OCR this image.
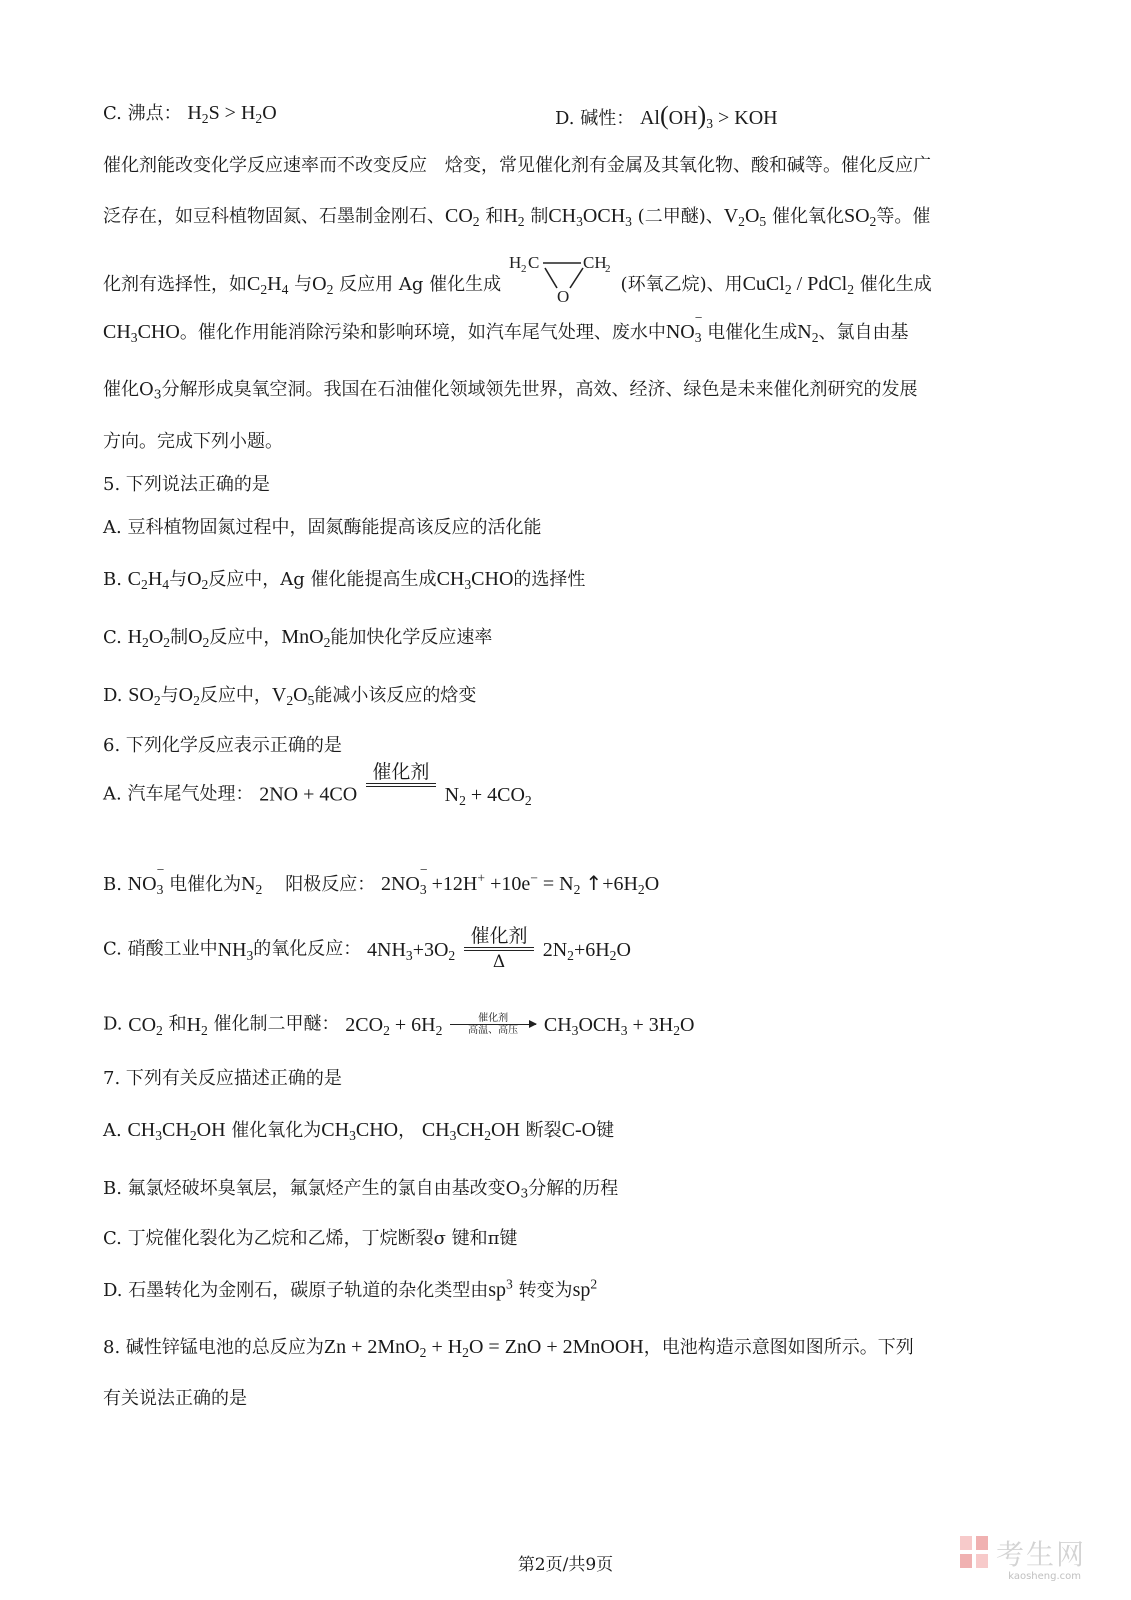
C. 沸点： $H_2S > H_2O$	D. 碱性： $Al(OH)_3$ > KOH
催化剂能改变化学反应速率而不改变反应　焓变，常见催化剂有金属及其氧化物、酸和碱等。催化反应广
泛存在，如豆科植物固氮、石墨制金刚石、$CO_2$ 和$H_2$ 制$CH_3OCH_3$ (二甲醚)、$V_2O_5$ 催化氧化$SO_2$等。催
化剂有选择性，如$C_2H_4$ 与$O_2$ 反应用 Ag 催化生成
H 2 C	CH
2
O
(环氧乙烷)、用CuCl$_2$ / PdCl$_2$ 催化生成
$CH_3CHO$。催化作用能消除污染和影响环境，如汽车尾气处理、废水中$NO_3$
−
电催化生成$N_2$、氯自由基
催化$O_3$分解形成臭氧空洞。我国在石油催化领域领先世界，高效、经济、绿色是未来催化剂研究的发展
方向。完成下列小题。
5. 下列说法正确的是
A. 豆科植物固氮过程中，固氮酶能提高该反应的活化能
B. $C_2H_4$与$O_2$反应中，Ag 催化能提高生成$CH_3CHO$的选择性
C. $H_2O_2$制$O_2$反应中，MnO$_2$能加快化学反应速率
D. $SO_2$与$O_2$反应中，$V_2O_5$能减小该反应的焓变
6. 下列化学反应表示正确的是
A. 汽车尾气处理： 2NO + 4CO
催化剂

$N_2 + 4CO_2$
B. $NO_3$
−
电催化为$N_2$ 阳极反应： $2NO_3$
−
$+12H^+ +10e^- = N_2$ $↑+6H_2O$
C. 硝酸工业中$NH_3$的氧化反应： $4NH_3+3O_2$
催化剂
Δ
$2N_2+6H_2O$
D. $CO_2$ 和$H_2$ 催化制二甲醚： $2CO_2 + 6H_2$
催化剂
高温、高压	$CH_3OCH_3 + 3H_2O$
7. 下列有关反应描述正确的是
A. $CH_3CH_2OH$ 催化氧化为$CH_3CHO$， $CH_3CH_2OH$ 断裂C-O键
B. 氟氯烃破坏臭氧层，氟氯烃产生的氯自由基改变$O_3$分解的历程
C. 丁烷催化裂化为乙烷和乙烯，丁烷断裂σ 键和π键
D. 石墨转化为金刚石，碳原子轨道的杂化类型由$sp^3$ 转变为$sp^2$
8. 碱性锌锰电池的总反应为$Zn + 2MnO_2 + H_2O$ = ZnO + 2MnOOH，电池构造示意图如图所示。下列
有关说法正确的是
第2页/共9页	考生网
kaosheng.com
